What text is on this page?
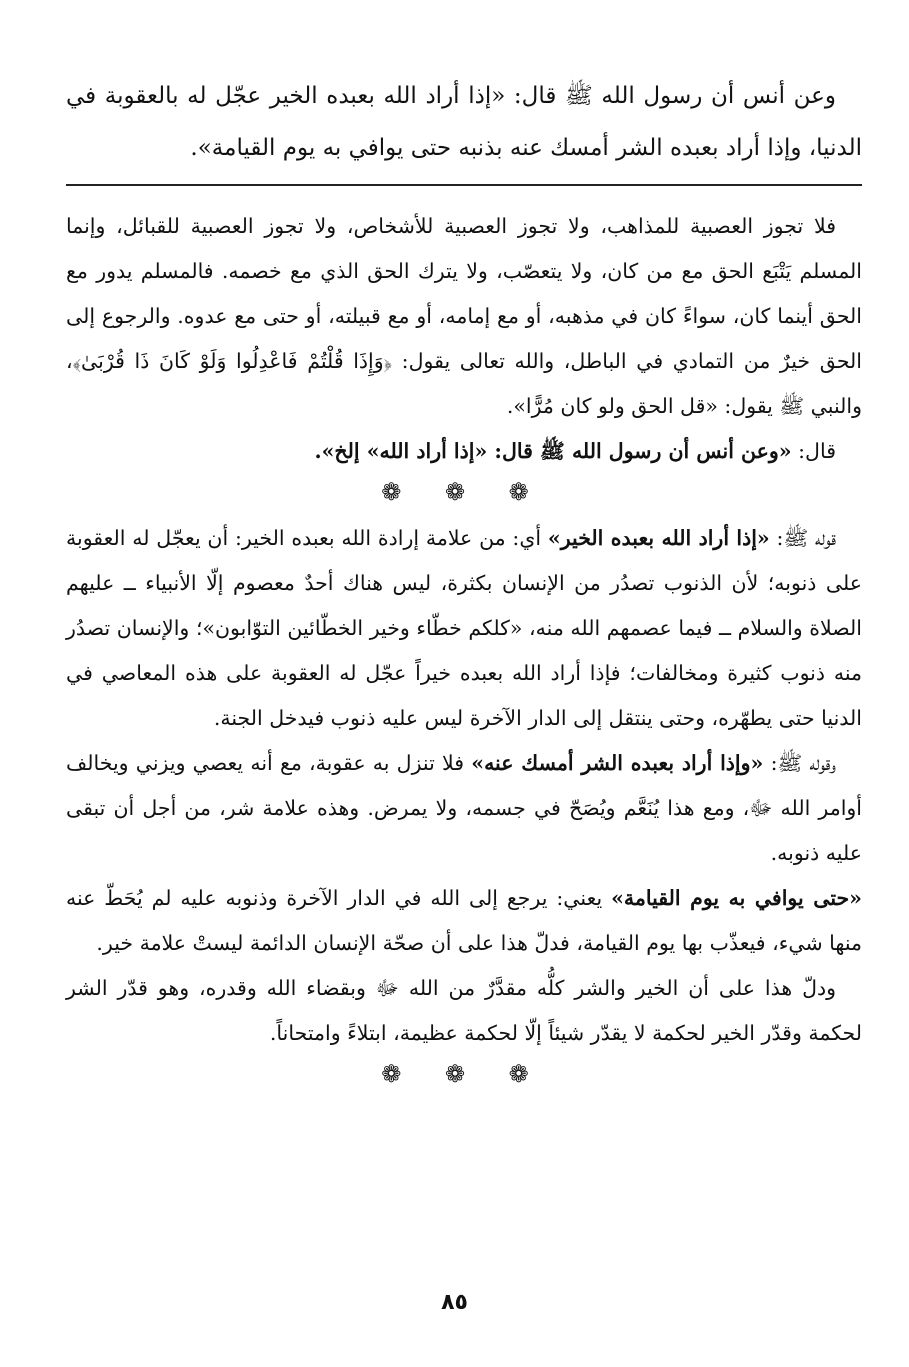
وعن أنس أن رسول الله ﷺ قال: «إذا أراد الله بعبده الخير عجّل له بالعقوبة في الدنيا، وإذا أراد بعبده الشر أمسك عنه بذنبه حتى يوافي به يوم القيامة».

فلا تجوز العصبية للمذاهب، ولا تجوز العصبية للأشخاص، ولا تجوز العصبية للقبائل، وإنما المسلم يَتْبَع الحق مع من كان، ولا يتعصّب، ولا يترك الحق الذي مع خصمه. فالمسلم يدور مع الحق أينما كان، سواءً كان في مذهبه، أو مع إمامه، أو مع قبيلته، أو حتى مع عدوه. والرجوع إلى الحق خيرٌ من التمادي في الباطل، والله تعالى يقول: ﴿وَإِذَا قُلْتُمْ فَاعْدِلُوا وَلَوْ كَانَ ذَا قُرْبَىٰ﴾، والنبي ﷺ يقول: «قل الحق ولو كان مُرًّا».

قال: «وعن أنس أن رسول الله ﷺ قال: «إذا أراد الله» إلخ».

❁ ❁ ❁

قوله ﷺ: «إذا أراد الله بعبده الخير» أي: من علامة إرادة الله بعبده الخير: أن يعجّل له العقوبة على ذنوبه؛ لأن الذنوب تصدُر من الإنسان بكثرة، ليس هناك أحدٌ معصوم إلّا الأنبياء ــ عليهم الصلاة والسلام ــ فيما عصمهم الله منه، «كلكم خطّاء وخير الخطّائين التوّابون»؛ والإنسان تصدُر منه ذنوب كثيرة ومخالفات؛ فإذا أراد الله بعبده خيراً عجّل له العقوبة على هذه المعاصي في الدنيا حتى يطهّره، وحتى ينتقل إلى الدار الآخرة ليس عليه ذنوب فيدخل الجنة.

وقوله ﷺ: «وإذا أراد بعبده الشر أمسك عنه» فلا تنزل به عقوبة، مع أنه يعصي ويزني ويخالف أوامر الله ﷻ، ومع هذا يُنَعَّم ويُصَحّ في جسمه، ولا يمرض. وهذه علامة شر، من أجل أن تبقى عليه ذنوبه.

«حتى يوافي به يوم القيامة» يعني: يرجع إلى الله في الدار الآخرة وذنوبه عليه لم يُحَطّ عنه منها شيء، فيعذّب بها يوم القيامة، فدلّ هذا على أن صحّة الإنسان الدائمة ليستْ علامة خير.

ودلّ هذا على أن الخير والشر كلُّه مقدَّرٌ من الله ﷻ وبقضاء الله وقدره، وهو قدّر الشر لحكمة وقدّر الخير لحكمة لا يقدّر شيئاً إلّا لحكمة عظيمة، ابتلاءً وامتحاناً.

❁ ❁ ❁
٨٥
